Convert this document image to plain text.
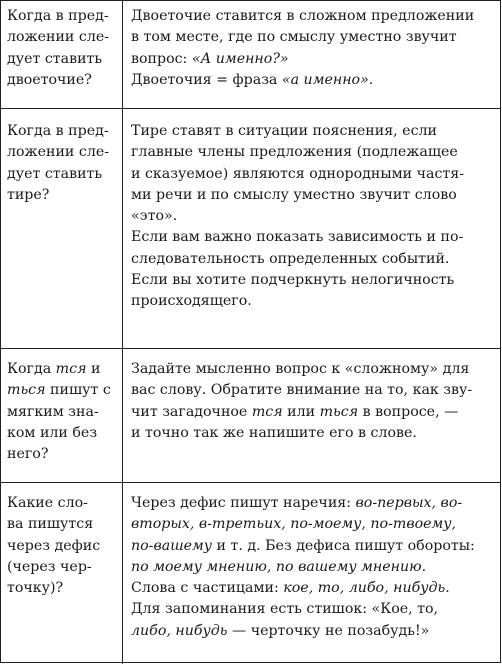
Когда в пред-
ложении сле-
дует ставить
двоеточие?
Двоеточие ставится в сложном предложении
в том месте, где по смыслу уместно звучит
вопрос: «А именно?»
Двоеточия = фраза «а именно».
Когда в пред-
ложении сле-
дует ставить
тире?
Тире ставят в ситуации пояснения, если
главные члены предложения (подлежащее
и сказуемое) являются однородными частя-
ми речи и по смыслу уместно звучит слово
«это».
Если вам важно показать зависимость и по-
следовательность определенных событий.
Если вы хотите подчеркнуть нелогичность
происходящего.
Когда тся и
ться пишут с
мягким зна-
ком или без
него?
Задайте мысленно вопрос к «сложному» для
вас слову. Обратите внимание на то, как зву-
чит загадочное тся или ться в вопросе, —
и точно так же напишите его в слове.
Какие сло-
ва пишутся
через дефис
(через чер-
точку)?
Через дефис пишут наречия: во-первых, во-
вторых, в-третьих, по-моему, по-твоему,
по-вашему и т. д. Без дефиса пишут обороты:
по моему мнению, по вашему мнению.
Слова с частицами: кое, то, либо, нибудь.
Для запоминания есть стишок: «Кое, то,
либо, нибудь — черточку не позабудь!»
